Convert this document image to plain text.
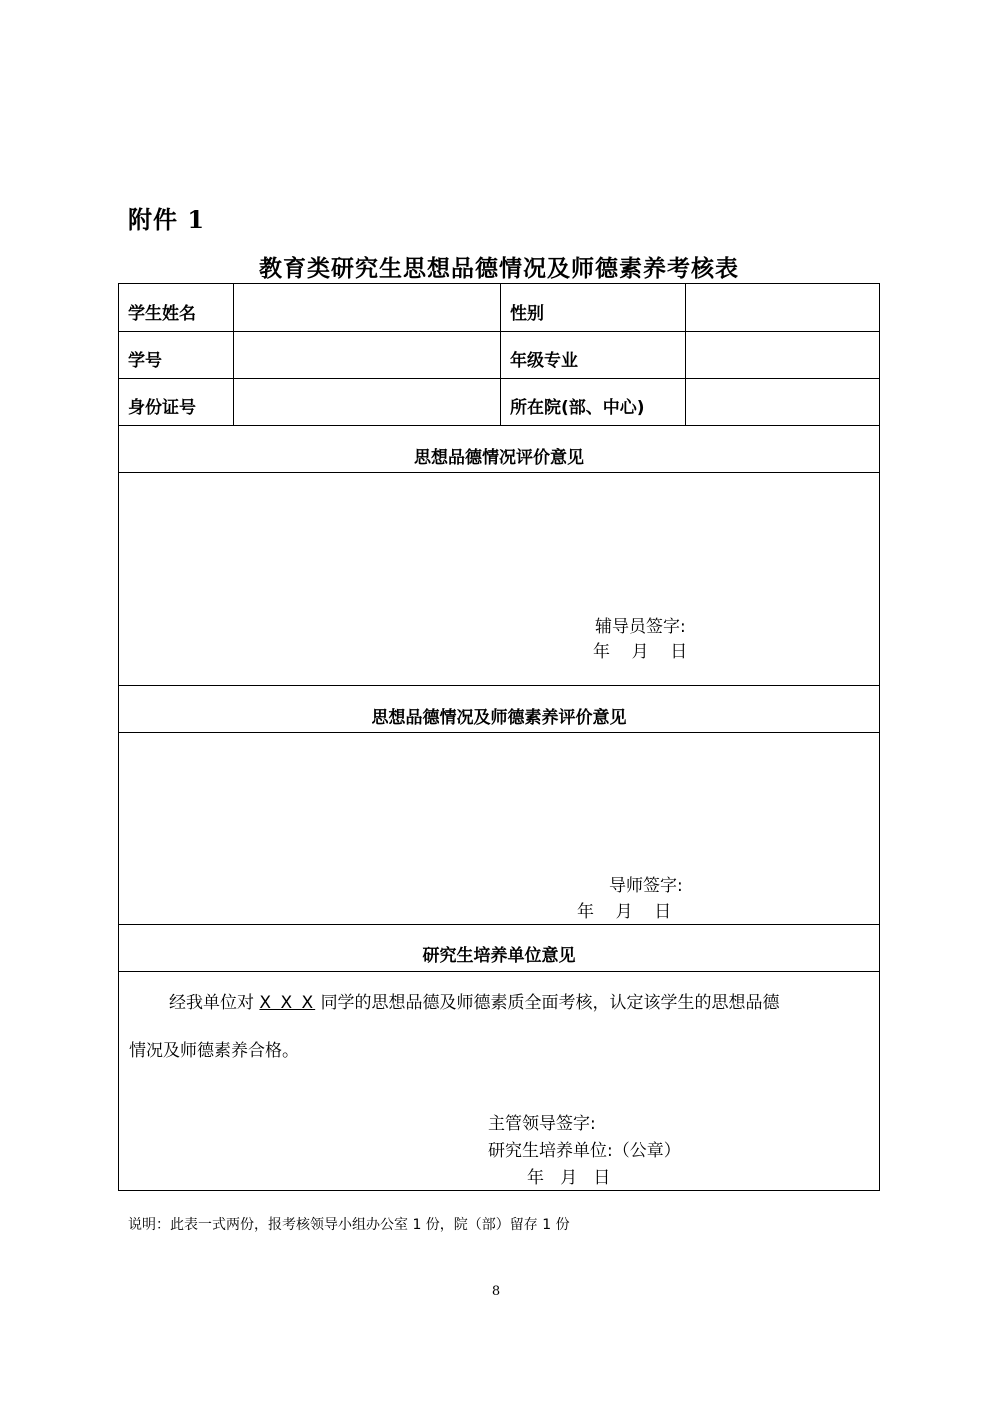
附件 1
教育类研究生思想品德情况及师德素养考核表
学生姓名	性别
学号	年级专业
身份证号	所在院(部、中心)
思想品德情况评价意见
辅导员签字:
年    月    日
思想品德情况及师德素养评价意见
导师签字:
年    月    日
研究生培养单位意见
经我单位对 X X X 同学的思想品德及师德素质全面考核，认定该学生的思想品德
情况及师德素养合格。
主管领导签字:
研究生培养单位:（公章）
年   月   日
说明：此表一式两份，报考核领导小组办公室 1 份，院（部）留存 1 份
8
